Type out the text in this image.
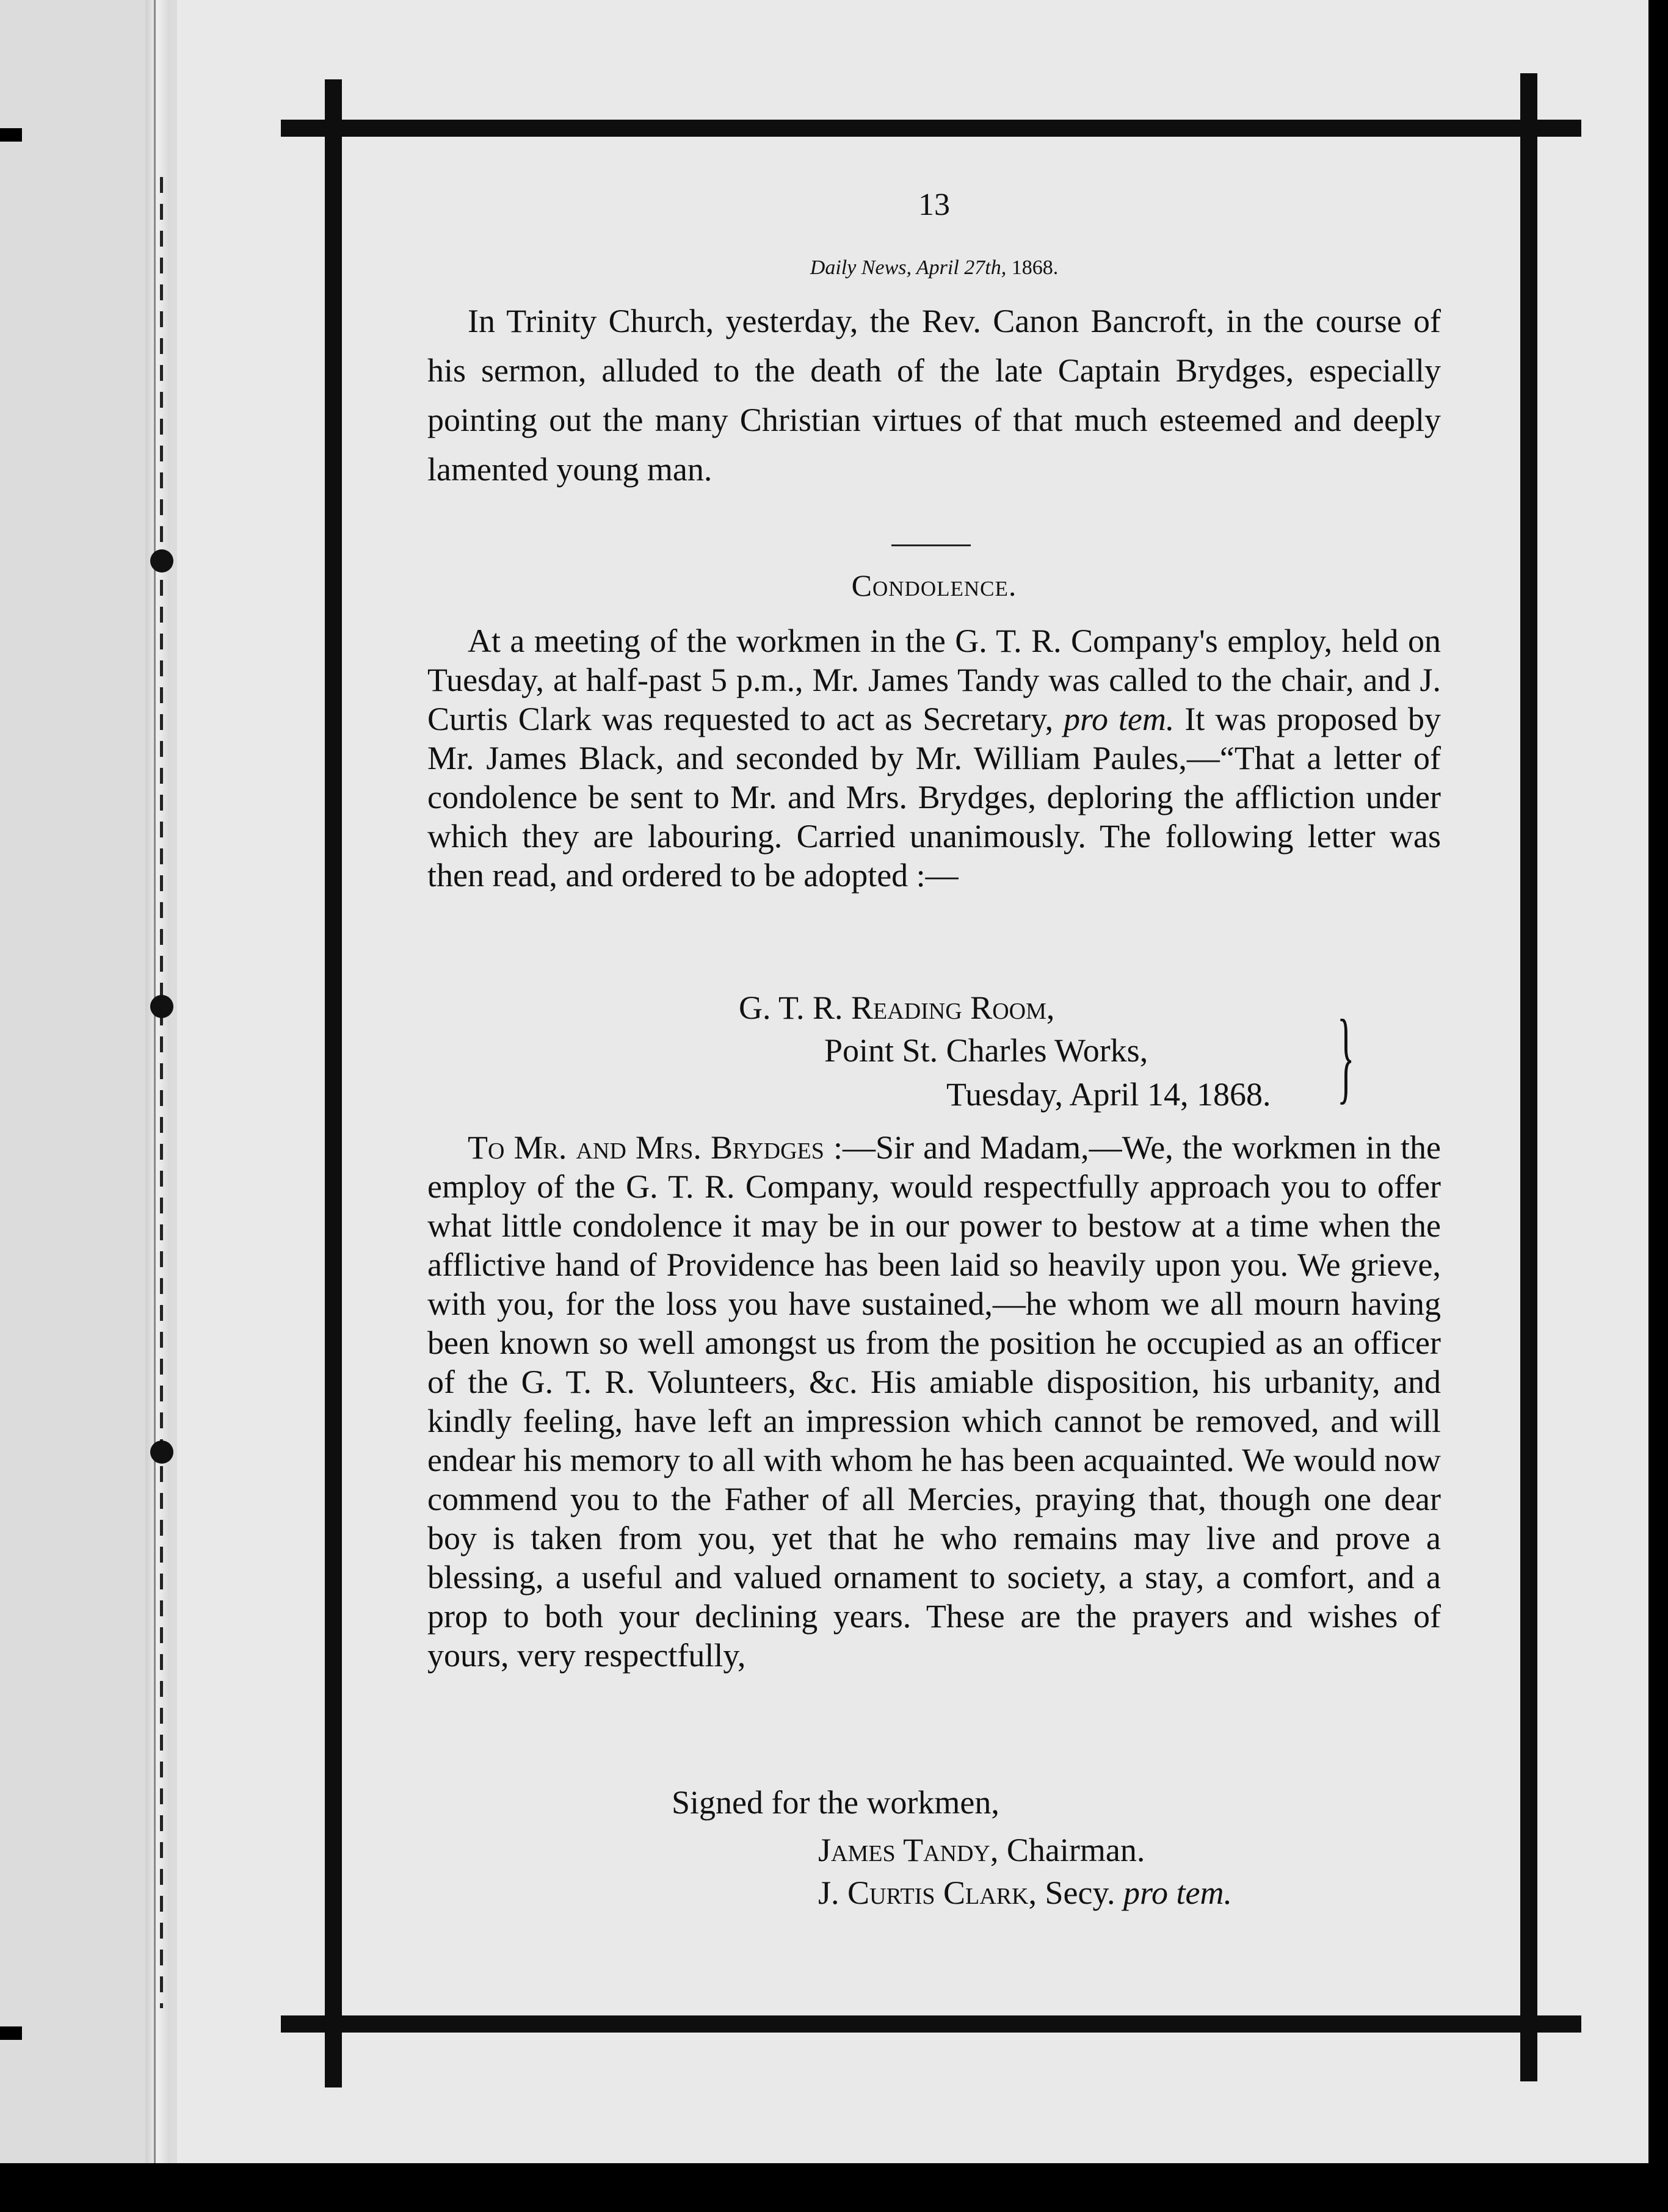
13
Daily News, April 27th, 1868.

In Trinity Church, yesterday, the Rev. Canon Bancroft, in the course of his sermon, alluded to the death of the late Captain Brydges, especially pointing out the many Christian virtues of that much esteemed and deeply lamented young man.

Condolence.

At a meeting of the workmen in the G. T. R. Company's employ, held on Tuesday, at half-past 5 p.m., Mr. James Tandy was called to the chair, and J. Curtis Clark was requested to act as Secretary, pro tem. It was proposed by Mr. James Black, and seconded by Mr. William Paules,—“That a letter of condolence be sent to Mr. and Mrs. Brydges, deploring the affliction under which they are labouring. Carried unanimously. The following letter was then read, and ordered to be adopted :—

G. T. R. Reading Room,
Point St. Charles Works,
Tuesday, April 14, 1868. }

To Mr. and Mrs. Brydges :—Sir and Madam,—We, the workmen in the employ of the G. T. R. Company, would respectfully approach you to offer what little condolence it may be in our power to bestow at a time when the afflictive hand of Providence has been laid so heavily upon you. We grieve, with you, for the loss you have sustained,—he whom we all mourn having been known so well amongst us from the position he occupied as an officer of the G. T. R. Volunteers, &c. His amiable disposition, his urbanity, and kindly feeling, have left an impression which cannot be removed, and will endear his memory to all with whom he has been acquainted. We would now commend you to the Father of all Mercies, praying that, though one dear boy is taken from you, yet that he who remains may live and prove a blessing, a useful and valued ornament to society, a stay, a comfort, and a prop to both your declining years. These are the prayers and wishes of yours, very respectfully,

Signed for the workmen,
James Tandy, Chairman.
J. Curtis Clark, Secy. pro tem.
